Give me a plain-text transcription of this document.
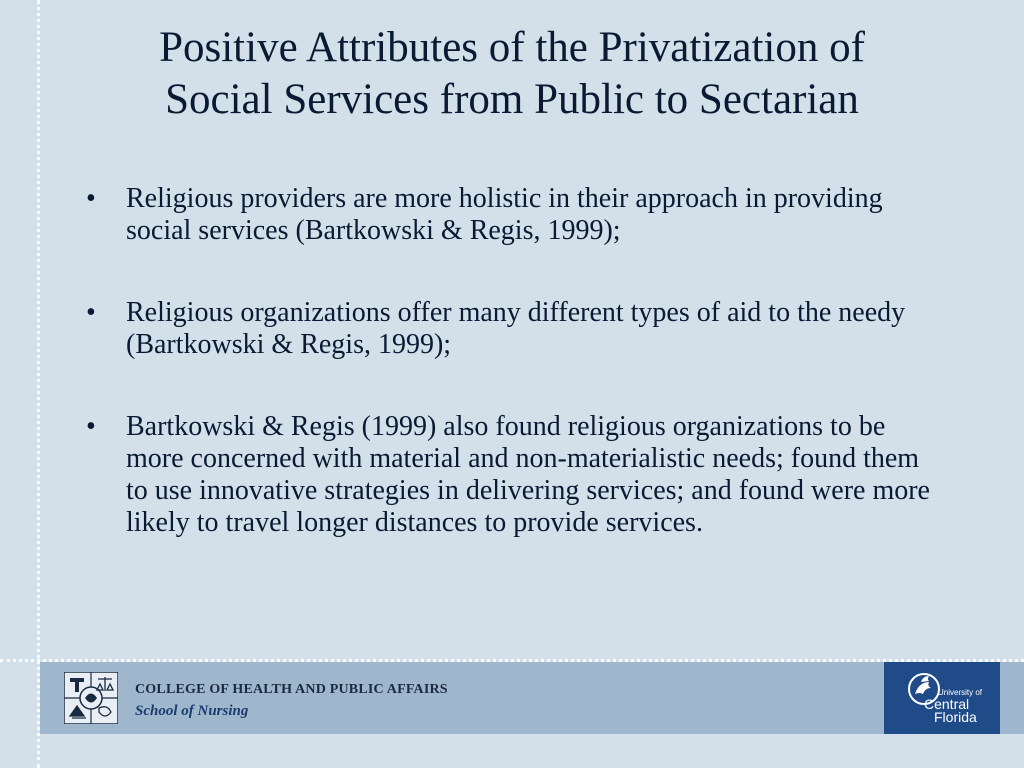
Positive Attributes of the Privatization of
Social Services from Public to Sectarian
• Religious providers are more holistic in their approach in providing social services (Bartkowski & Regis, 1999);
• Religious organizations offer many different types of aid to the needy (Bartkowski & Regis, 1999);
• Bartkowski & Regis (1999) also found religious organizations to be more concerned with material and non-materialistic needs; found them to use innovative strategies in delivering services; and found were more likely to travel longer distances to provide services.
COLLEGE OF HEALTH AND PUBLIC AFFAIRS
School of Nursing
University of
Central
Florida
